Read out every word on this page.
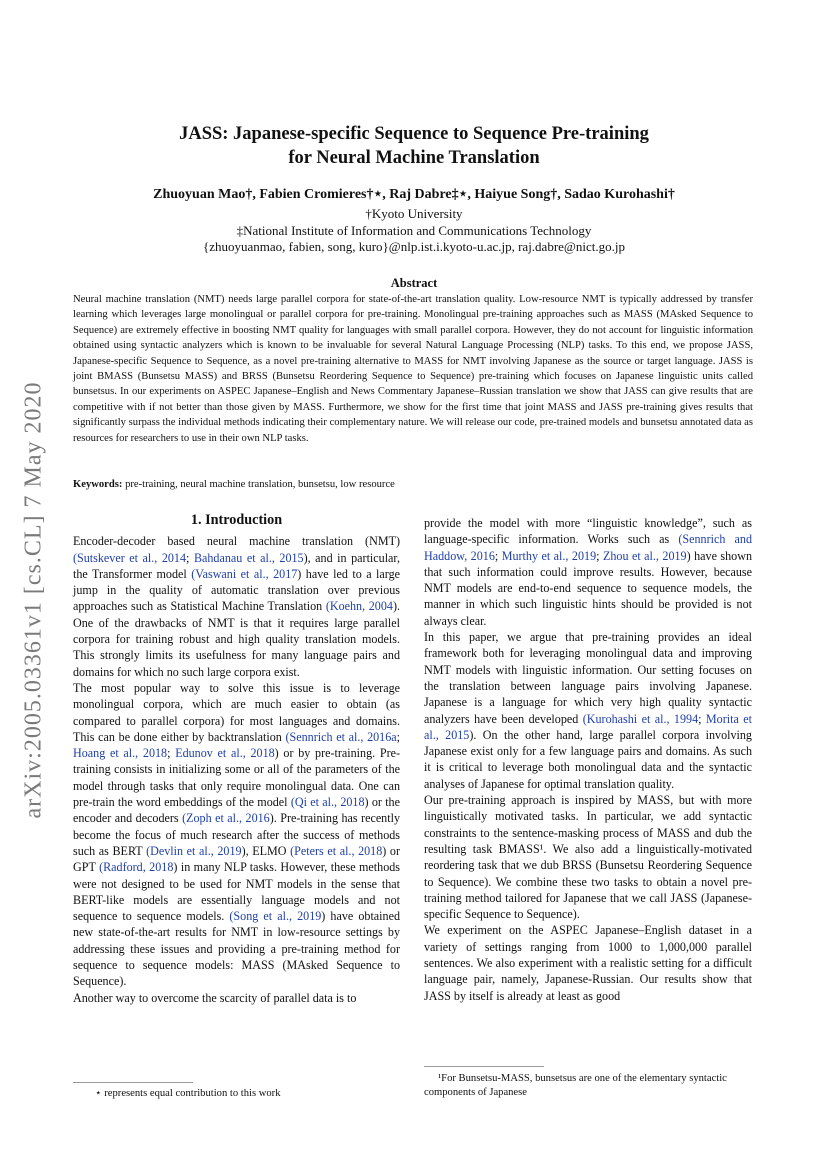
arXiv:2005.03361v1 [cs.CL] 7 May 2020
JASS: Japanese-specific Sequence to Sequence Pre-training
for Neural Machine Translation
Zhuoyuan Mao†, Fabien Cromieres†⋆, Raj Dabre‡⋆, Haiyue Song†, Sadao Kurohashi†
†Kyoto University
‡National Institute of Information and Communications Technology
{zhuoyuanmao, fabien, song, kuro}@nlp.ist.i.kyoto-u.ac.jp, raj.dabre@nict.go.jp
Abstract
Neural machine translation (NMT) needs large parallel corpora for state-of-the-art translation quality. Low-resource NMT is typically addressed by transfer learning which leverages large monolingual or parallel corpora for pre-training. Monolingual pre-training approaches such as MASS (MAsked Sequence to Sequence) are extremely effective in boosting NMT quality for languages with small parallel corpora. However, they do not account for linguistic information obtained using syntactic analyzers which is known to be invaluable for several Natural Language Processing (NLP) tasks. To this end, we propose JASS, Japanese-specific Sequence to Sequence, as a novel pre-training alternative to MASS for NMT involving Japanese as the source or target language. JASS is joint BMASS (Bunsetsu MASS) and BRSS (Bunsetsu Reordering Sequence to Sequence) pre-training which focuses on Japanese linguistic units called bunsetsus. In our experiments on ASPEC Japanese–English and News Commentary Japanese–Russian translation we show that JASS can give results that are competitive with if not better than those given by MASS. Furthermore, we show for the first time that joint MASS and JASS pre-training gives results that significantly surpass the individual methods indicating their complementary nature. We will release our code, pre-trained models and bunsetsu annotated data as resources for researchers to use in their own NLP tasks.
Keywords: pre-training, neural machine translation, bunsetsu, low resource
1. Introduction

Encoder-decoder based neural machine translation (NMT) (Sutskever et al., 2014; Bahdanau et al., 2015), and in particular, the Transformer model (Vaswani et al., 2017) have led to a large jump in the quality of automatic translation over previous approaches such as Statistical Machine Translation (Koehn, 2004). One of the drawbacks of NMT is that it requires large parallel corpora for training robust and high quality translation models. This strongly limits its usefulness for many language pairs and domains for which no such large corpora exist.

The most popular way to solve this issue is to leverage monolingual corpora, which are much easier to obtain (as compared to parallel corpora) for most languages and domains. This can be done either by backtranslation (Sennrich et al., 2016a; Hoang et al., 2018; Edunov et al., 2018) or by pre-training. Pre-training consists in initializing some or all of the parameters of the model through tasks that only require monolingual data. One can pre-train the word embeddings of the model (Qi et al., 2018) or the encoder and decoders (Zoph et al., 2016). Pre-training has recently become the focus of much research after the success of methods such as BERT (Devlin et al., 2019), ELMO (Peters et al., 2018) or GPT (Radford, 2018) in many NLP tasks. However, these methods were not designed to be used for NMT models in the sense that BERT-like models are essentially language models and not sequence to sequence models. (Song et al., 2019) have obtained new state-of-the-art results for NMT in low-resource settings by addressing these issues and providing a pre-training method for sequence to sequence models: MASS (MAsked Sequence to Sequence).

Another way to overcome the scarcity of parallel data is to

provide the model with more “linguistic knowledge”, such as language-specific information. Works such as (Sennrich and Haddow, 2016; Murthy et al., 2019; Zhou et al., 2019) have shown that such information could improve results. However, because NMT models are end-to-end sequence to sequence models, the manner in which such linguistic hints should be provided is not always clear.

In this paper, we argue that pre-training provides an ideal framework both for leveraging monolingual data and improving NMT models with linguistic information. Our setting focuses on the translation between language pairs involving Japanese. Japanese is a language for which very high quality syntactic analyzers have been developed (Kurohashi et al., 1994; Morita et al., 2015). On the other hand, large parallel corpora involving Japanese exist only for a few language pairs and domains. As such it is critical to leverage both monolingual data and the syntactic analyses of Japanese for optimal translation quality.

Our pre-training approach is inspired by MASS, but with more linguistically motivated tasks. In particular, we add syntactic constraints to the sentence-masking process of MASS and dub the resulting task BMASS¹. We also add a linguistically-motivated reordering task that we dub BRSS (Bunsetsu Reordering Sequence to Sequence). We combine these two tasks to obtain a novel pre-training method tailored for Japanese that we call JASS (Japanese-specific Sequence to Sequence).

We experiment on the ASPEC Japanese–English dataset in a variety of settings ranging from 1000 to 1,000,000 parallel sentences. We also experiment with a realistic setting for a difficult language pair, namely, Japanese-Russian. Our results show that JASS by itself is already at least as good

⋆ represents equal contribution to this work
¹For Bunsetsu-MASS, bunsetsus are one of the elementary syntactic components of Japanese
